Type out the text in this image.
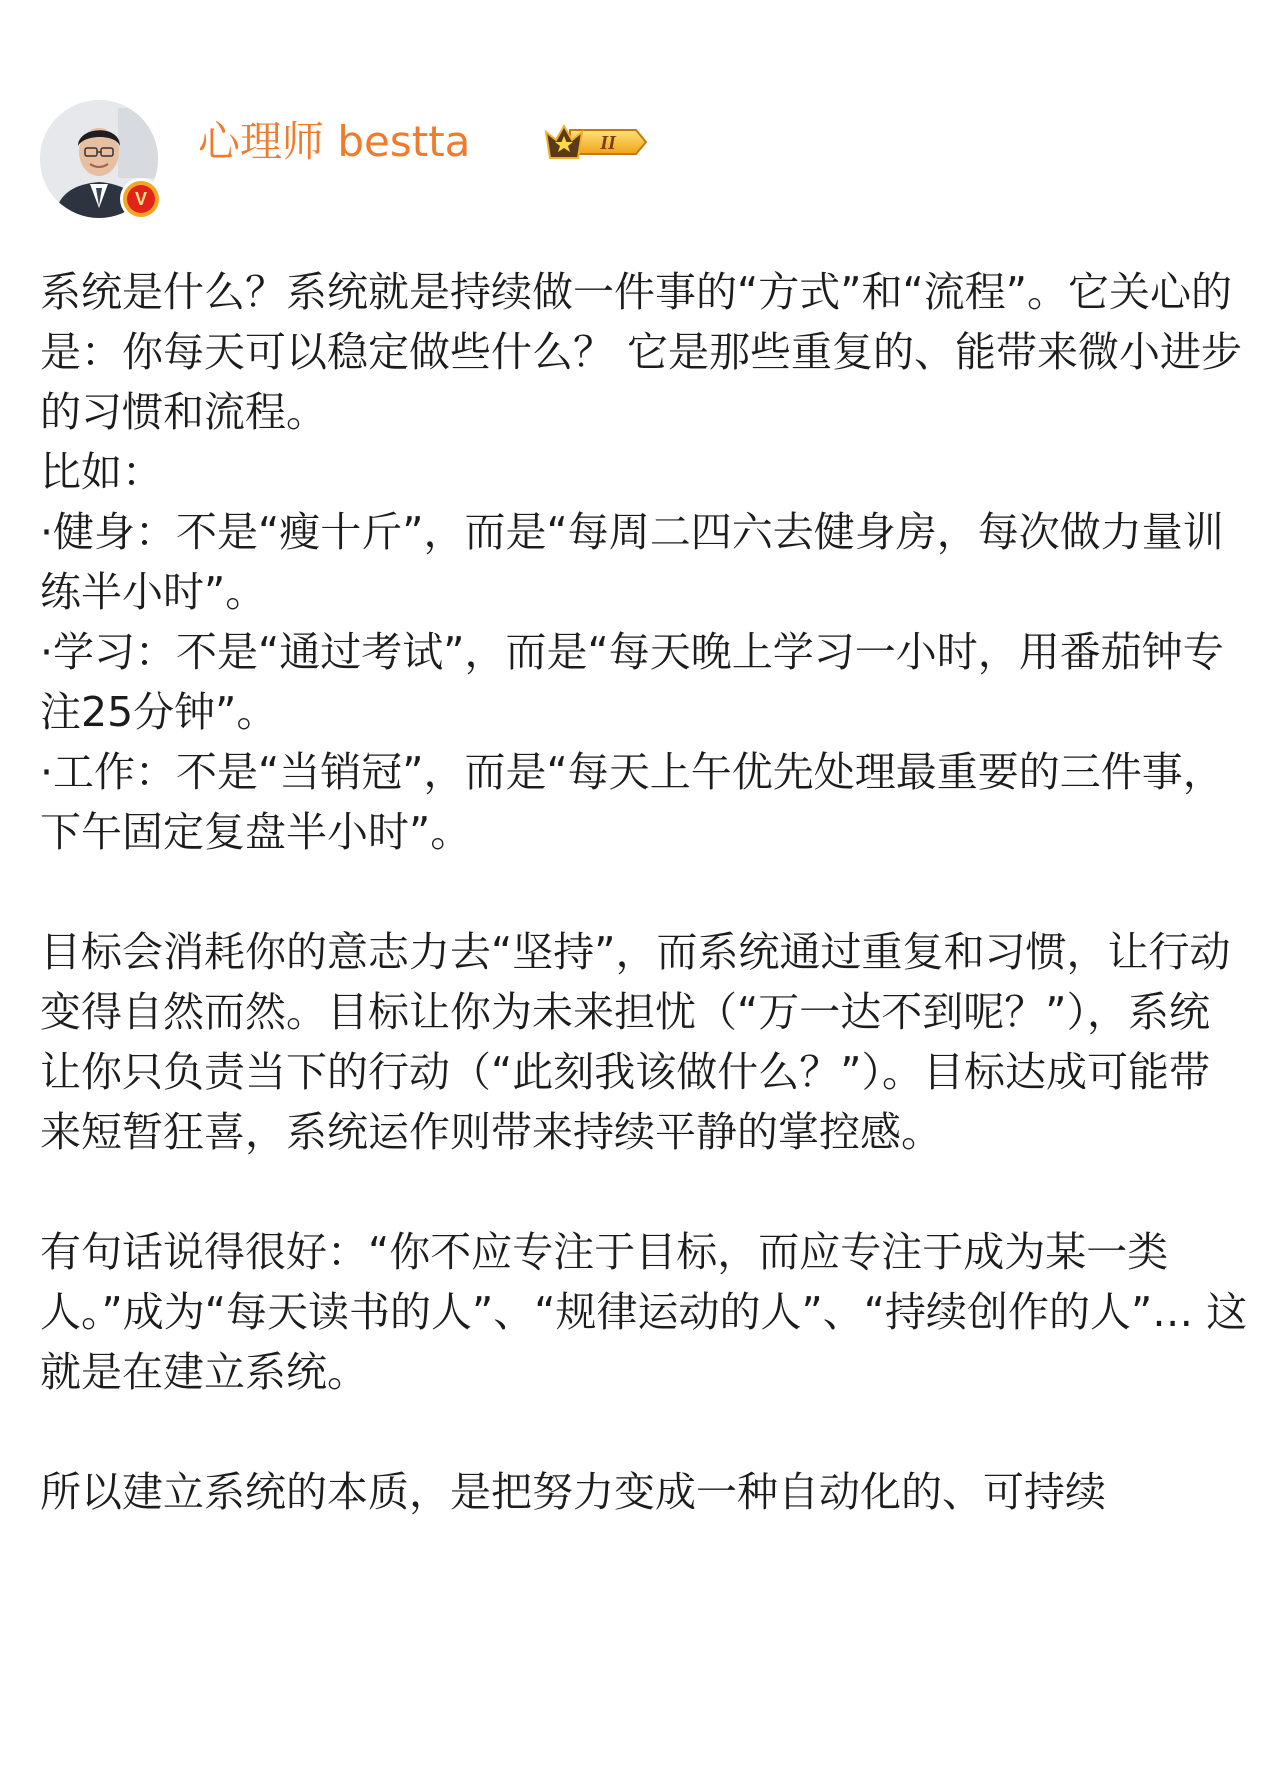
V
心理师 bestta	II

系统是什么？系统就是持续做一件事的“方式”和“流程”。它关心的是：你每天可以稳定做些什么？ 它是那些重复的、能带来微小进步的习惯和流程。

比如：

·健身：不是“瘦十斤”，而是“每周二四六去健身房，每次做力量训练半小时”。

·学习：不是“通过考试”，而是“每天晚上学习一小时，用番茄钟专注25分钟”。

·工作：不是“当销冠”，而是“每天上午优先处理最重要的三件事，下午固定复盘半小时”。

目标会消耗你的意志力去“坚持”，而系统通过重复和习惯，让行动变得自然而然。目标让你为未来担忧（“万一达不到呢？”），系统让你只负责当下的行动（“此刻我该做什么？”）。目标达成可能带来短暂狂喜，系统运作则带来持续平静的掌控感。

有句话说得很好：“你不应专注于目标，而应专注于成为某一类人。”成为“每天读书的人”、“规律运动的人”、“持续创作的人”… 这就是在建立系统。

所以建立系统的本质，是把努力变成一种自动化的、可持续
